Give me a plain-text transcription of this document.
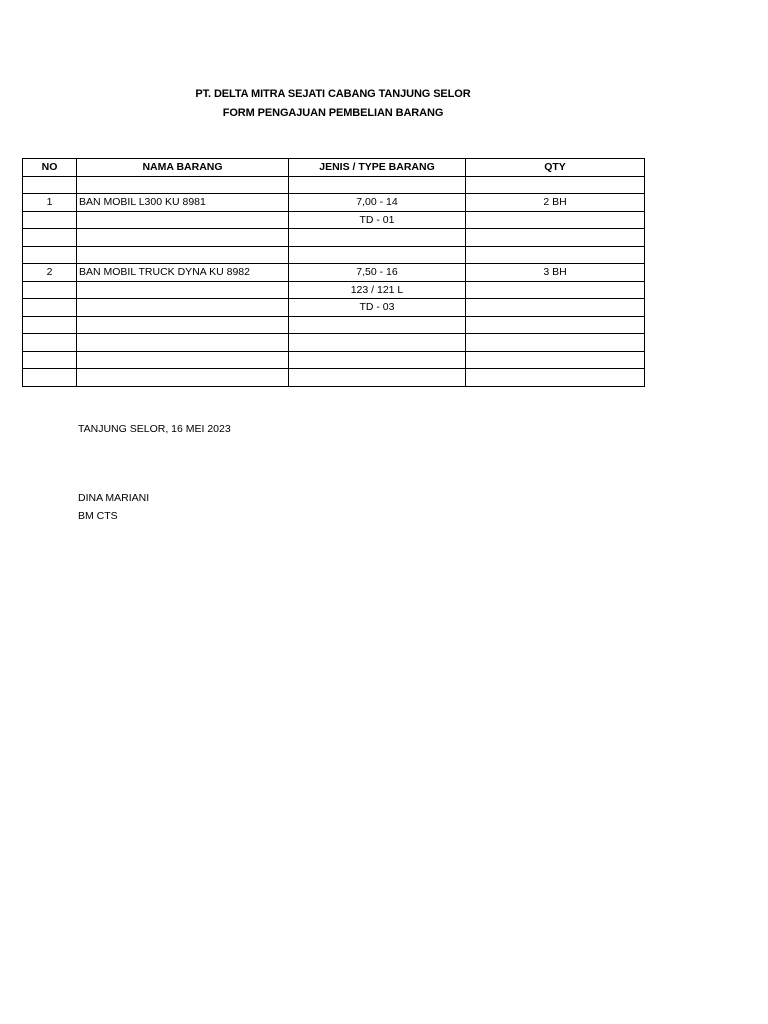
PT. DELTA MITRA SEJATI CABANG TANJUNG SELOR
FORM PENGAJUAN PEMBELIAN BARANG
NO	NAMA BARANG	JENIS / TYPE BARANG	QTY

1	BAN MOBIL L300 KU 8981	7,00 - 14	2 BH
		TD - 01	

2	BAN MOBIL TRUCK DYNA KU 8982	7,50 - 16	3 BH
		123 / 121 L	
		TD - 03	

TANJUNG SELOR, 16 MEI 2023
DINA MARIANI
BM CTS
